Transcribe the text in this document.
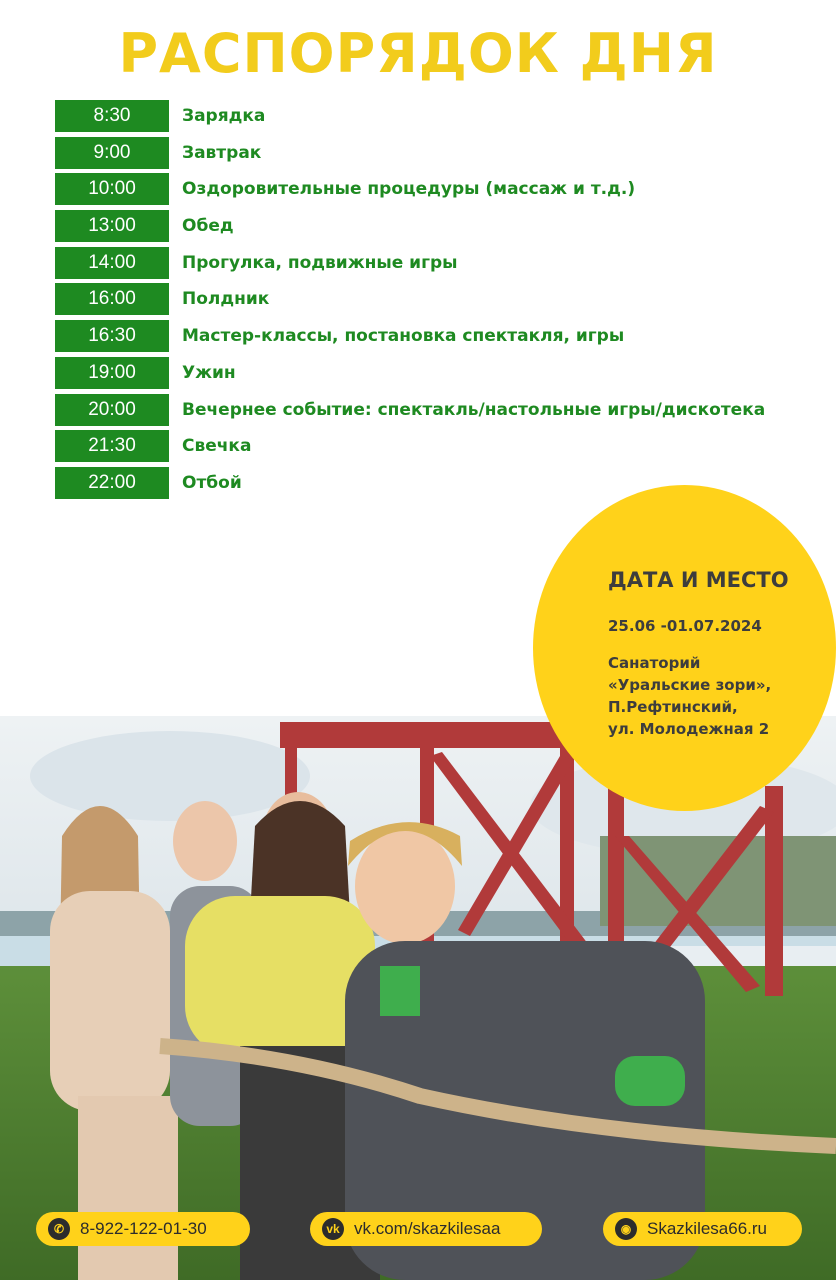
РАСПОРЯДОК ДНЯ
8:30	Зарядка
9:00	Завтрак
10:00	Оздоровительные процедуры (массаж и т.д.)
13:00	Обед
14:00	Прогулка, подвижные игры
16:00	Полдник
16:30	Мастер-классы, постановка спектакля, игры
19:00	Ужин
20:00	Вечернее событие: спектакль/настольные игры/дискотека
21:30	Свечка
22:00	Отбой
ДАТА И МЕСТО
25.06 -01.07.2024
Санаторий
«Уральские зори»,
П.Рефтинский,
ул. Молодежная 2
✆ 8-922-122-01-30	vk vk.com/skazkilesaa	◉ Skazkilesa66.ru
